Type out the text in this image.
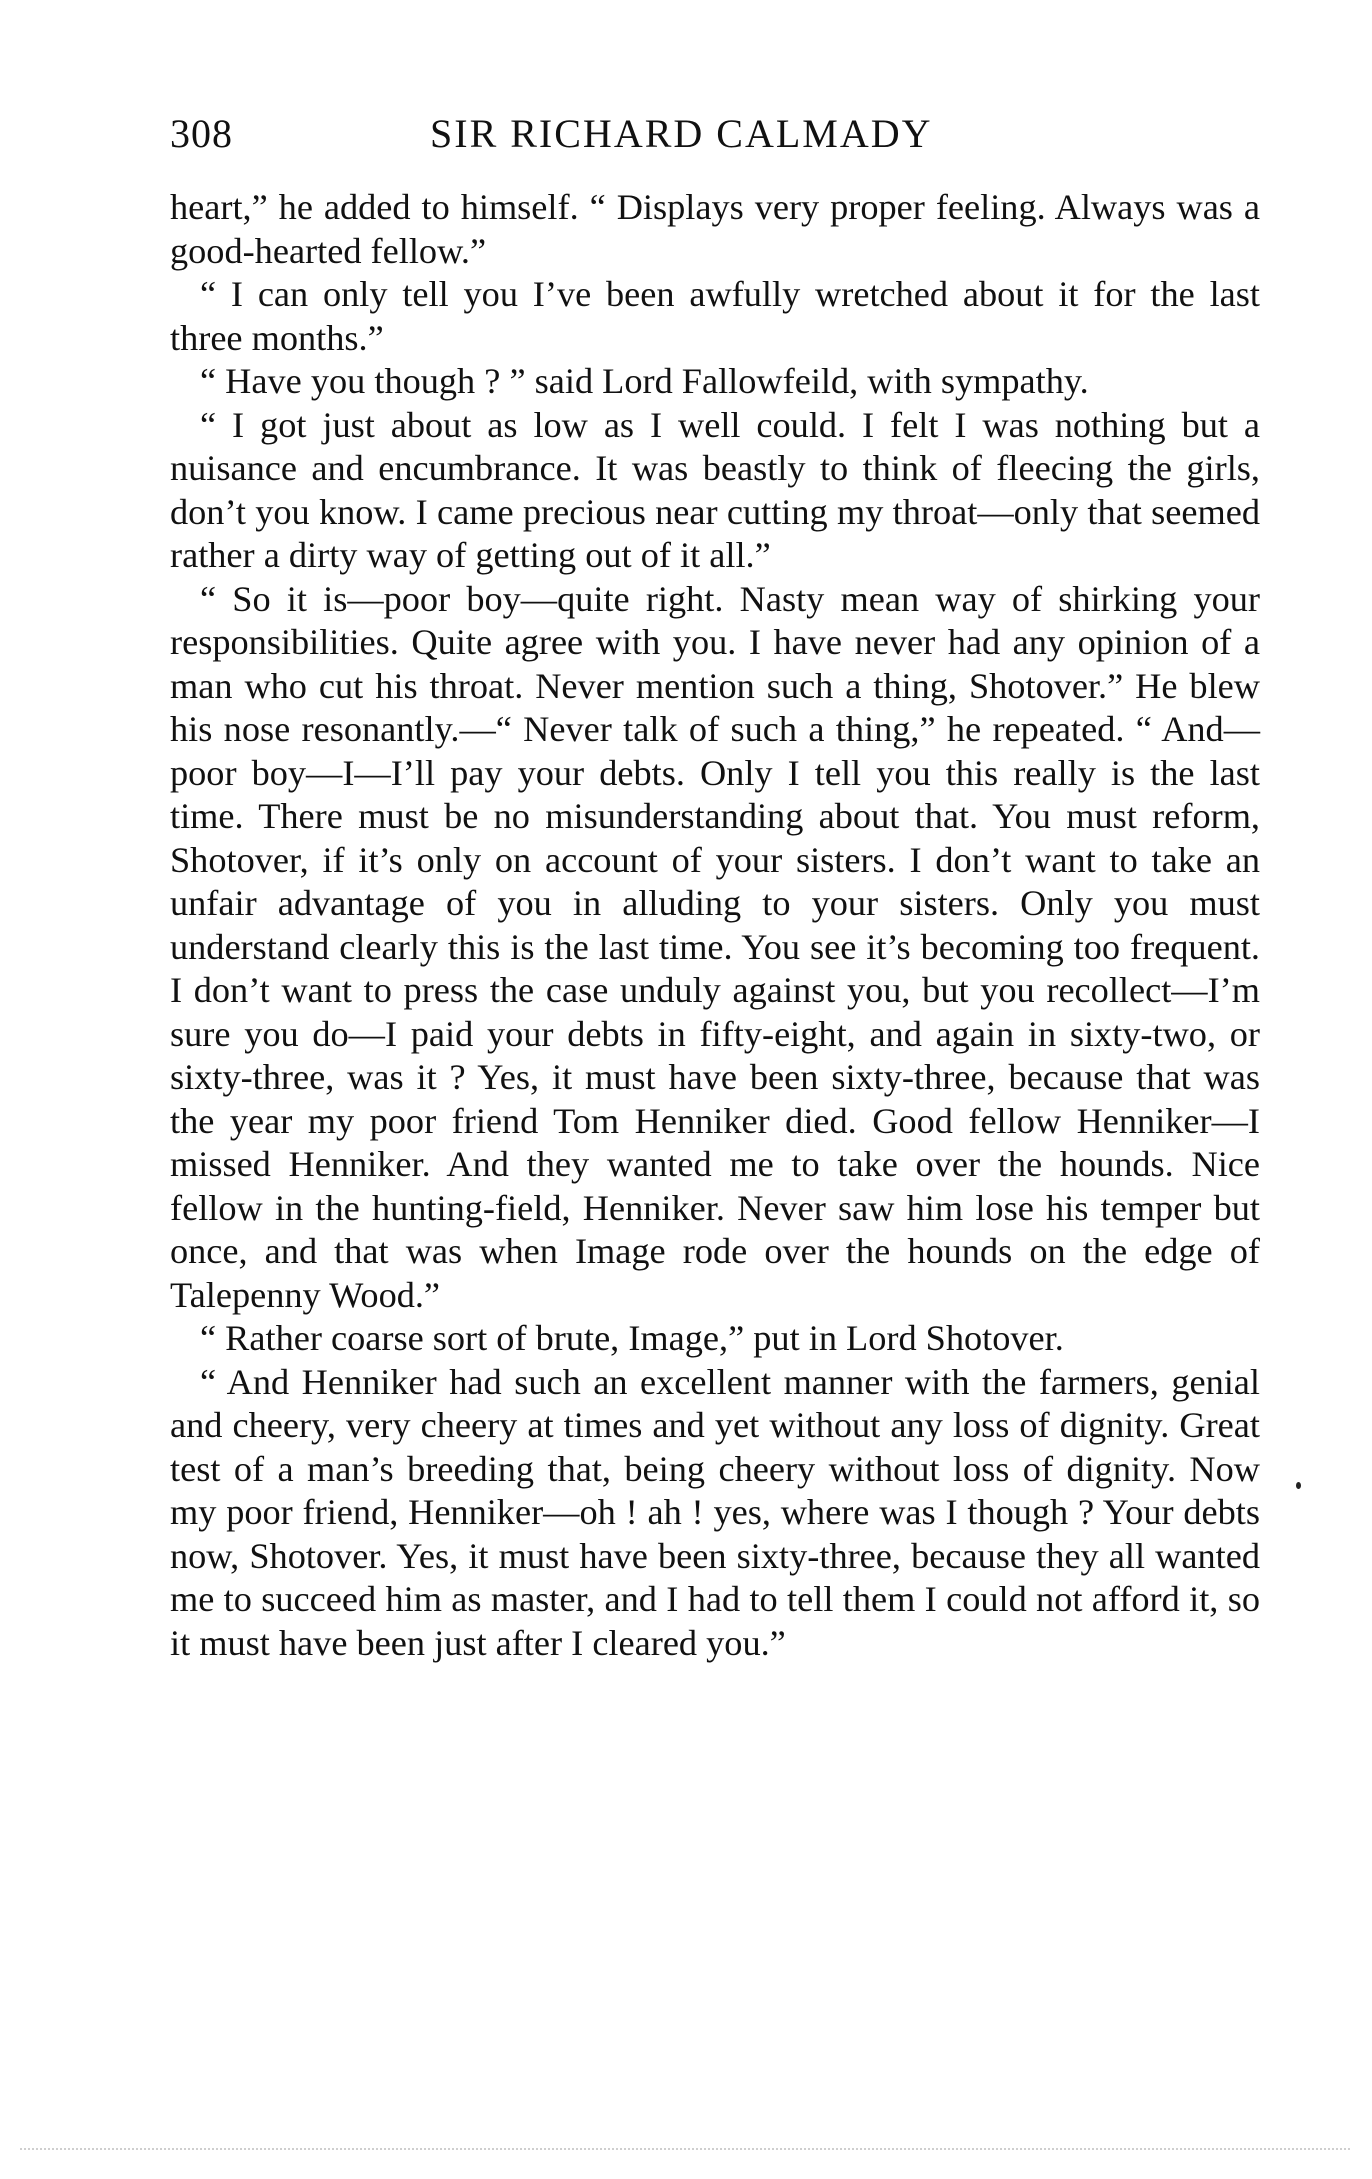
308	SIR RICHARD CALMADY

heart,” he added to himself. “ Displays very proper feeling. Always was a good-hearted fellow.”

“ I can only tell you I’ve been awfully wretched about it for the last three months.”

“ Have you though ? ” said Lord Fallowfeild, with sympathy.

“ I got just about as low as I well could. I felt I was nothing but a nuisance and encumbrance. It was beastly to think of fleecing the girls, don’t you know. I came precious near cutting my throat—only that seemed rather a dirty way of getting out of it all.”

“ So it is—poor boy—quite right. Nasty mean way of shirking your responsibilities. Quite agree with you. I have never had any opinion of a man who cut his throat. Never mention such a thing, Shotover.” He blew his nose resonantly.—“ Never talk of such a thing,” he repeated. “ And—poor boy—I—I’ll pay your debts. Only I tell you this really is the last time. There must be no misunderstanding about that. You must reform, Shotover, if it’s only on account of your sisters. I don’t want to take an unfair advantage of you in alluding to your sisters. Only you must understand clearly this is the last time. You see it’s becoming too frequent. I don’t want to press the case unduly against you, but you recollect—I’m sure you do—I paid your debts in fifty-eight, and again in sixty-two, or sixty-three, was it ? Yes, it must have been sixty-three, because that was the year my poor friend Tom Henniker died. Good fellow Henniker—I missed Henniker. And they wanted me to take over the hounds. Nice fellow in the hunting-field, Henniker. Never saw him lose his temper but once, and that was when Image rode over the hounds on the edge of Talepenny Wood.”

“ Rather coarse sort of brute, Image,” put in Lord Shotover.

“ And Henniker had such an excellent manner with the farmers, genial and cheery, very cheery at times and yet without any loss of dignity. Great test of a man’s breeding that, being cheery without loss of dignity. Now my poor friend, Henniker—oh ! ah ! yes, where was I though ? Your debts now, Shotover. Yes, it must have been sixty-three, because they all wanted me to succeed him as master, and I had to tell them I could not afford it, so it must have been just after I cleared you.”
